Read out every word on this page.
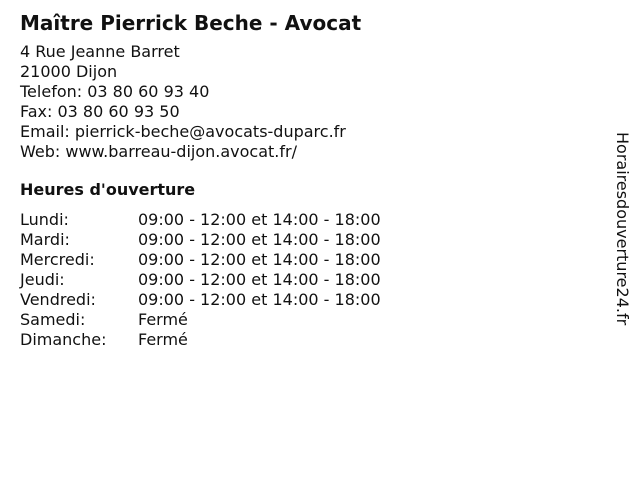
Maître Pierrick Beche - Avocat
4 Rue Jeanne Barret
21000 Dijon
Telefon: 03 80 60 93 40
Fax: 03 80 60 93 50
Email: pierrick-beche@avocats-duparc.fr
Web: www.barreau-dijon.avocat.fr/
Heures d'ouverture
Lundi:	09:00 - 12:00 et 14:00 - 18:00
Mardi:	09:00 - 12:00 et 14:00 - 18:00
Mercredi:	09:00 - 12:00 et 14:00 - 18:00
Jeudi:	09:00 - 12:00 et 14:00 - 18:00
Vendredi:	09:00 - 12:00 et 14:00 - 18:00
Samedi:	Fermé
Dimanche:	Fermé
Horairesdouverture24.fr
